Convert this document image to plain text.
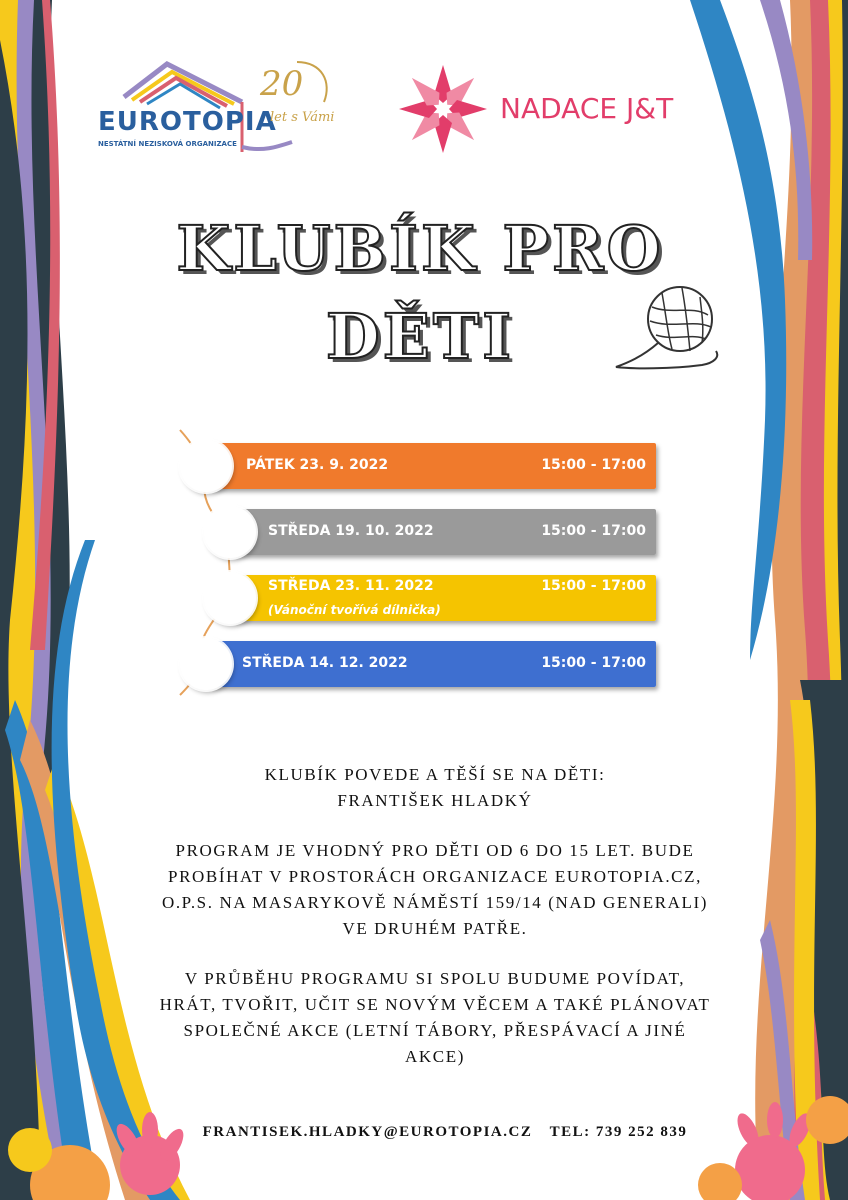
EUROTOPIA
NESTÁTNÍ NEZISKOVÁ ORGANIZACE
20
let s Vámi	NADACE J&T
KLUBÍK PRO
DĚTI
PÁTEK 23. 9. 2022	15:00 - 17:00
STŘEDA 19. 10. 2022	15:00 - 17:00
STŘEDA 23. 11. 2022	15:00 - 17:00
(Vánoční tvořívá dílnička)
STŘEDA 14. 12. 2022	15:00 - 17:00
KLUBÍK POVEDE A TĚŠÍ SE NA DĚTI:
FRANTIŠEK HLADKÝ
PROGRAM JE VHODNÝ PRO DĚTI OD 6 DO 15 LET. BUDE
PROBÍHAT V PROSTORÁCH ORGANIZACE EUROTOPIA.CZ,
O.P.S. NA MASARYKOVĚ NÁMĚSTÍ 159/14 (NAD GENERALI)
VE DRUHÉM PATŘE.
V PRŮBĚHU PROGRAMU SI SPOLU BUDUME POVÍDAT,
HRÁT, TVOŘIT, UČIT SE NOVÝM VĚCEM A TAKÉ PLÁNOVAT
SPOLEČNÉ AKCE (LETNÍ TÁBORY, PŘESPÁVACÍ A JINÉ
AKCE)
FRANTISEK.HLADKY@EUROTOPIA.CZ TEL: 739 252 839
